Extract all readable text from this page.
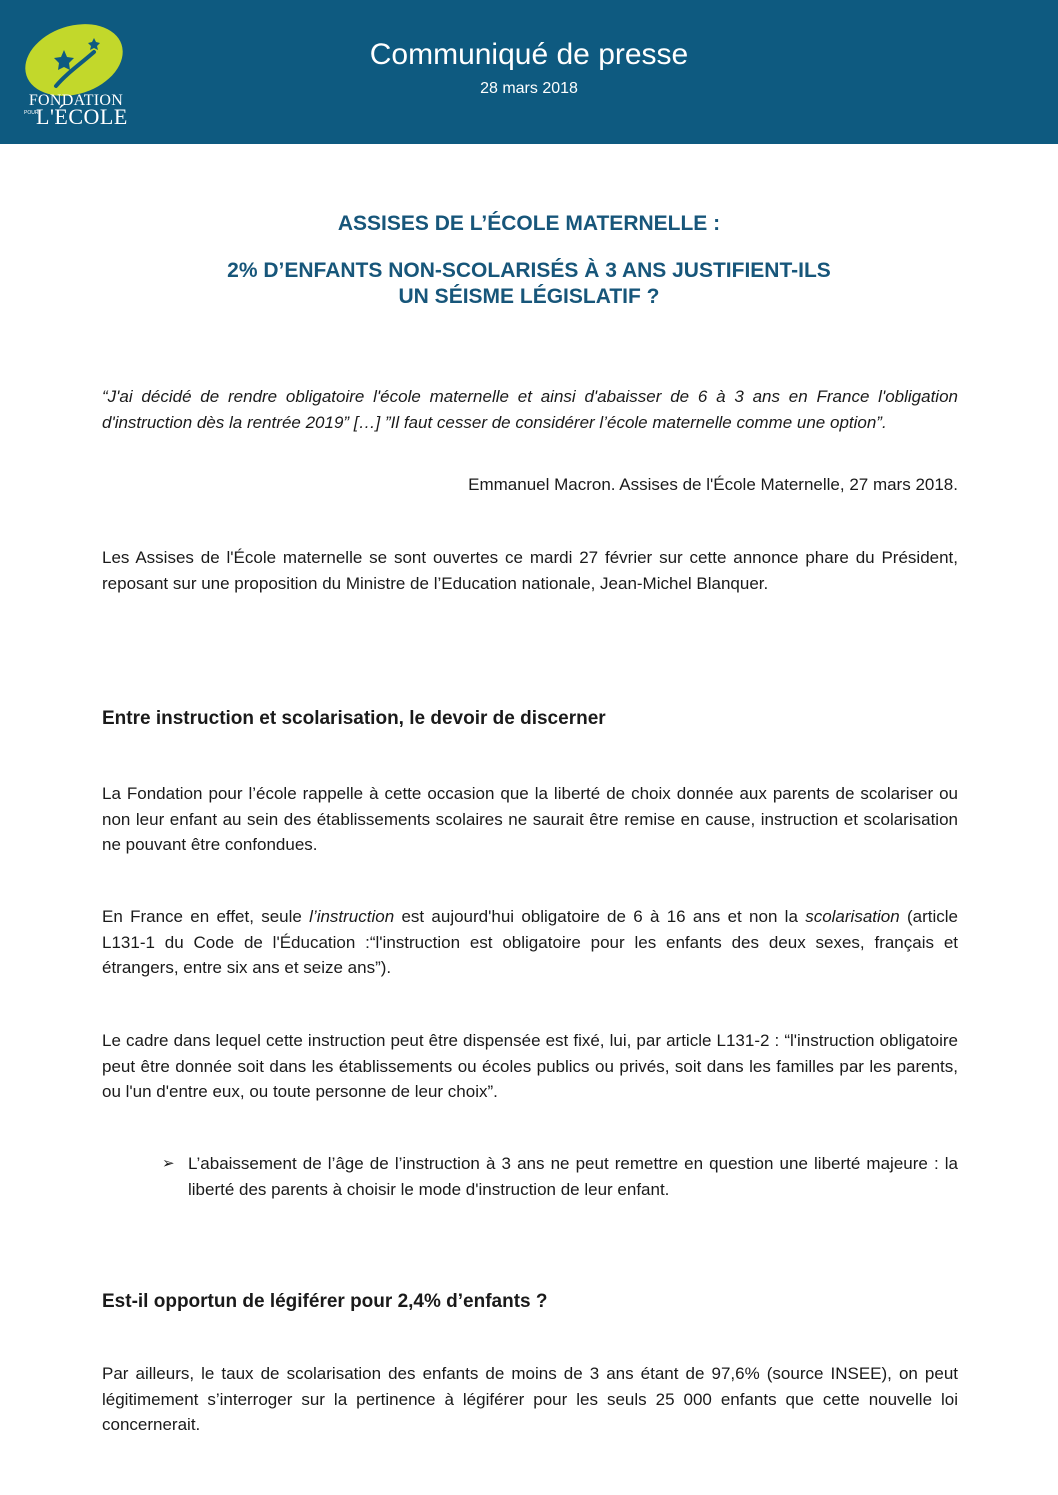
FONDATION
POUR
L'ÉCOLE
Communiqué de presse
28 mars 2018
ASSISES DE L’ÉCOLE MATERNELLE :
2% D’ENFANTS NON-SCOLARISÉS À 3 ANS JUSTIFIENT-ILS
UN SÉISME LÉGISLATIF ?

“J'ai décidé de rendre obligatoire l'école maternelle et ainsi d'abaisser de 6 à 3 ans en France l'obligation d'instruction dès la rentrée 2019” […] ”Il faut cesser de considérer l’école maternelle comme une option”.

Emmanuel Macron. Assises de l'École Maternelle, 27 mars 2018.

Les Assises de l'École maternelle se sont ouvertes ce mardi 27 février sur cette annonce phare du Président, reposant sur une proposition du Ministre de l’Education nationale, Jean-Michel Blanquer.

Entre instruction et scolarisation, le devoir de discerner

La Fondation pour l’école rappelle à cette occasion que la liberté de choix donnée aux parents de scolariser ou non leur enfant au sein des établissements scolaires ne saurait être remise en cause, instruction et scolarisation ne pouvant être confondues.

En France en effet, seule l’instruction est aujourd'hui obligatoire de 6 à 16 ans et non la scolarisation (article L131-1 du Code de l'Éducation :“l'instruction est obligatoire pour les enfants des deux sexes, français et étrangers, entre six ans et seize ans”).

Le cadre dans lequel cette instruction peut être dispensée est fixé, lui, par article L131-2 : “l'instruction obligatoire peut être donnée soit dans les établissements ou écoles publics ou privés, soit dans les familles par les parents, ou l'un d'entre eux, ou toute personne de leur choix”.

➢ L’abaissement de l’âge de l’instruction à 3 ans ne peut remettre en question une liberté majeure : la liberté des parents à choisir le mode d'instruction de leur enfant.
Est-il opportun de légiférer pour 2,4% d’enfants ?

Par ailleurs, le taux de scolarisation des enfants de moins de 3 ans étant de 97,6% (source INSEE), on peut légitimement s’interroger sur la pertinence à légiférer pour les seuls 25 000 enfants que cette nouvelle loi concernerait.
